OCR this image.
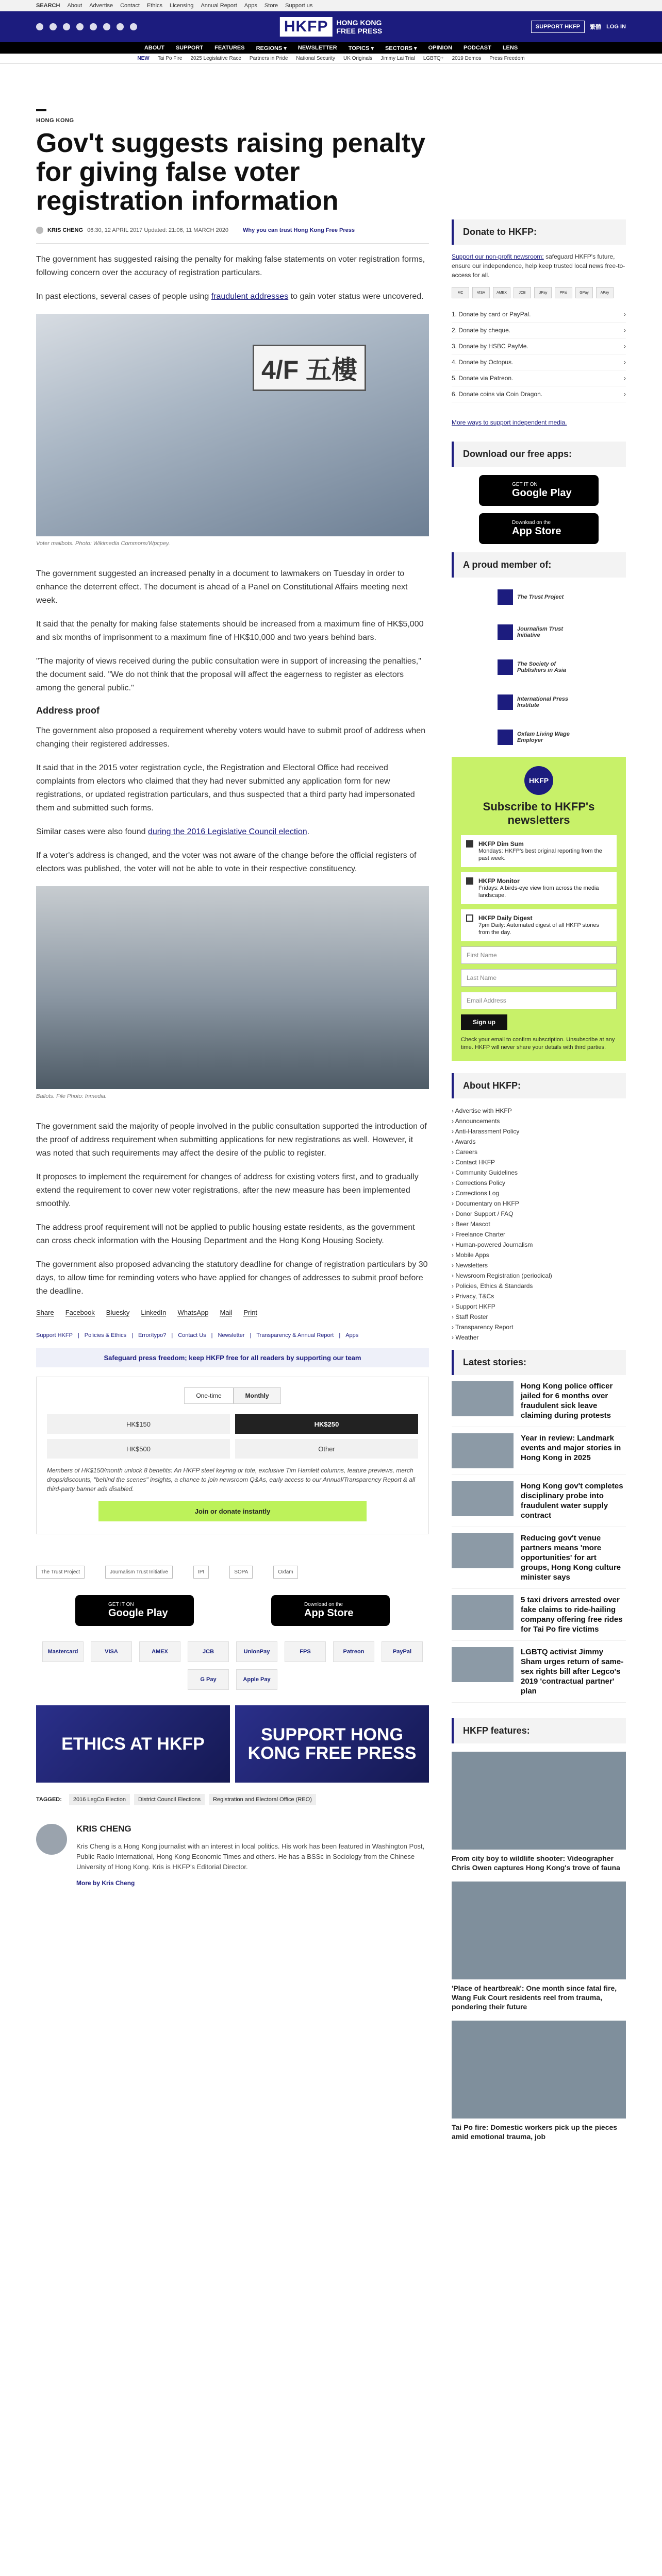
SEARCH About Advertise Contact Ethics Licensing Annual Report Apps Store Support us
HKFP	HONG KONG
FREE PRESS	SUPPORT HKFP	繁體 LOG IN
ABOUT SUPPORT FEATURES REGIONS ▾ NEWSLETTER TOPICS ▾ SECTORS ▾ OPINION PODCAST LENS
NEW Tai Po Fire 2025 Legislative Race Partners in Pride National Security UK Originals Jimmy Lai Trial LGBTQ+ 2019 Demos Press Freedom
HONG KONG
Gov't suggests raising penalty for giving false voter registration information
KRIS CHENG 06:30, 12 APRIL 2017 Updated: 21:06, 11 MARCH 2020	Why you can trust Hong Kong Free Press

The government has suggested raising the penalty for making false statements on voter registration forms, following concern over the accuracy of registration particulars.

In past elections, several cases of people using fraudulent addresses to gain voter status were uncovered.

4/F 五樓
Voter mailbots. Photo: Wikimedia Commons/Wpcpey.

The government suggested an increased penalty in a document to lawmakers on Tuesday in order to enhance the deterrent effect. The document is ahead of a Panel on Constitutional Affairs meeting next week.

It said that the penalty for making false statements should be increased from a maximum fine of HK$5,000 and six months of imprisonment to a maximum fine of HK$10,000 and two years behind bars.

"The majority of views received during the public consultation were in support of increasing the penalties," the document said. "We do not think that the proposal will affect the eagerness to register as electors among the general public."

Address proof

The government also proposed a requirement whereby voters would have to submit proof of address when changing their registered addresses.

It said that in the 2015 voter registration cycle, the Registration and Electoral Office had received complaints from electors who claimed that they had never submitted any application form for new registrations, or updated registration particulars, and thus suspected that a third party had impersonated them and submitted such forms.

Similar cases were also found during the 2016 Legislative Council election.

If a voter's address is changed, and the voter was not aware of the change before the official registers of electors was published, the voter will not be able to vote in their respective constituency.

Ballots. File Photo: Inmedia.

The government said the majority of people involved in the public consultation supported the introduction of the proof of address requirement when submitting applications for new registrations as well. However, it was noted that such requirements may affect the desire of the public to register.

It proposes to implement the requirement for changes of address for existing voters first, and to gradually extend the requirement to cover new voter registrations, after the new measure has been implemented smoothly.

The address proof requirement will not be applied to public housing estate residents, as the government can cross check information with the Housing Department and the Hong Kong Housing Society.

The government also proposed advancing the statutory deadline for change of registration particulars by 30 days, to allow time for reminding voters who have applied for changes of addresses to submit proof before the deadline.

Share Facebook Bluesky LinkedIn WhatsApp Mail Print
Support HKFP | Policies & Ethics | Error/typo? | Contact Us | Newsletter | Transparency & Annual Report | Apps
Safeguard press freedom; keep HKFP free for all readers by supporting our team
One-time	Monthly
HK$150	HK$250
HK$500	Other
Members of HK$150/month unlock 8 benefits: An HKFP steel keyring or tote, exclusive Tim Hamlett columns, feature previews, merch drops/discounts, "behind the scenes" insights, a chance to join newsroom Q&As, early access to our Annual/Transparency Report & all third-party banner ads disabled.
Join or donate instantly
The Trust Project	Journalism Trust Initiative	IPI	SOPA	Oxfam
GET IT ON
Google Play
Download on the
App Store
Mastercard	VISA	AMEX	JCB	UnionPay	FPS	Patreon	PayPal
G Pay	Apple Pay
ETHICS AT HKFP	SUPPORT HONG KONG FREE PRESS
TAGGED:	2016 LegCo Election	District Council Elections	Registration and Electoral Office (REO)
KRIS CHENG

Kris Cheng is a Hong Kong journalist with an interest in local politics. His work has been featured in Washington Post, Public Radio International, Hong Kong Economic Times and others. He has a BSSc in Sociology from the Chinese University of Hong Kong. Kris is HKFP's Editorial Director.

More by Kris Cheng
Donate to HKFP:

Support our non-profit newsroom: safeguard HKFP's future, ensure our independence, help keep trusted local news free-to-access for all.

MC	VISA	AMEX	JCB	UPay	PPal	GPay	APay
1. Donate by card or PayPal.	›
2. Donate by cheque.	›
3. Donate by HSBC PayMe.	›
4. Donate by Octopus.	›
5. Donate via Patreon.	›
6. Donate coins via Coin Dragon.	›

More ways to support independent media.

Download our free apps:
GET IT ON
Google Play
Download on the
App Store
A proud member of:
The Trust Project
Journalism Trust Initiative
The Society of Publishers in Asia
International Press Institute
Oxfam Living Wage Employer
HKFP
Subscribe to HKFP's newsletters
HKFP Dim Sum
Mondays: HKFP's best original reporting from the past week.
HKFP Monitor
Fridays: A birds-eye view from across the media landscape.
HKFP Daily Digest
7pm Daily: Automated digest of all HKFP stories from the day.
First Name
Last Name
Email Address
Sign up
Check your email to confirm subscription. Unsubscribe at any time. HKFP will never share your details with third parties.
About HKFP:
› Advertise with HKFP
› Announcements
› Anti-Harassment Policy
› Awards
› Careers
› Contact HKFP
› Community Guidelines
› Corrections Policy
› Corrections Log
› Documentary on HKFP
› Donor Support / FAQ
› Beer Mascot
› Freelance Charter
› Human-powered Journalism
› Mobile Apps
› Newsletters
› Newsroom Registration (periodical)
› Policies, Ethics & Standards
› Privacy, T&Cs
› Support HKFP
› Staff Roster
› Transparency Report
› Weather
Latest stories:
Hong Kong police officer jailed for 6 months over fraudulent sick leave claiming during protests
Year in review: Landmark events and major stories in Hong Kong in 2025
Hong Kong gov't completes disciplinary probe into fraudulent water supply contract
Reducing gov't venue partners means 'more opportunities' for art groups, Hong Kong culture minister says
5 taxi drivers arrested over fake claims to ride-hailing company offering free rides for Tai Po fire victims
LGBTQ activist Jimmy Sham urges return of same-sex rights bill after Legco's 2019 'contractual partner' plan
HKFP features:
From city boy to wildlife shooter: Videographer Chris Owen captures Hong Kong's trove of fauna
'Place of heartbreak': One month since fatal fire, Wang Fuk Court residents reel from trauma, pondering their future
Tai Po fire: Domestic workers pick up the pieces amid emotional trauma, job
